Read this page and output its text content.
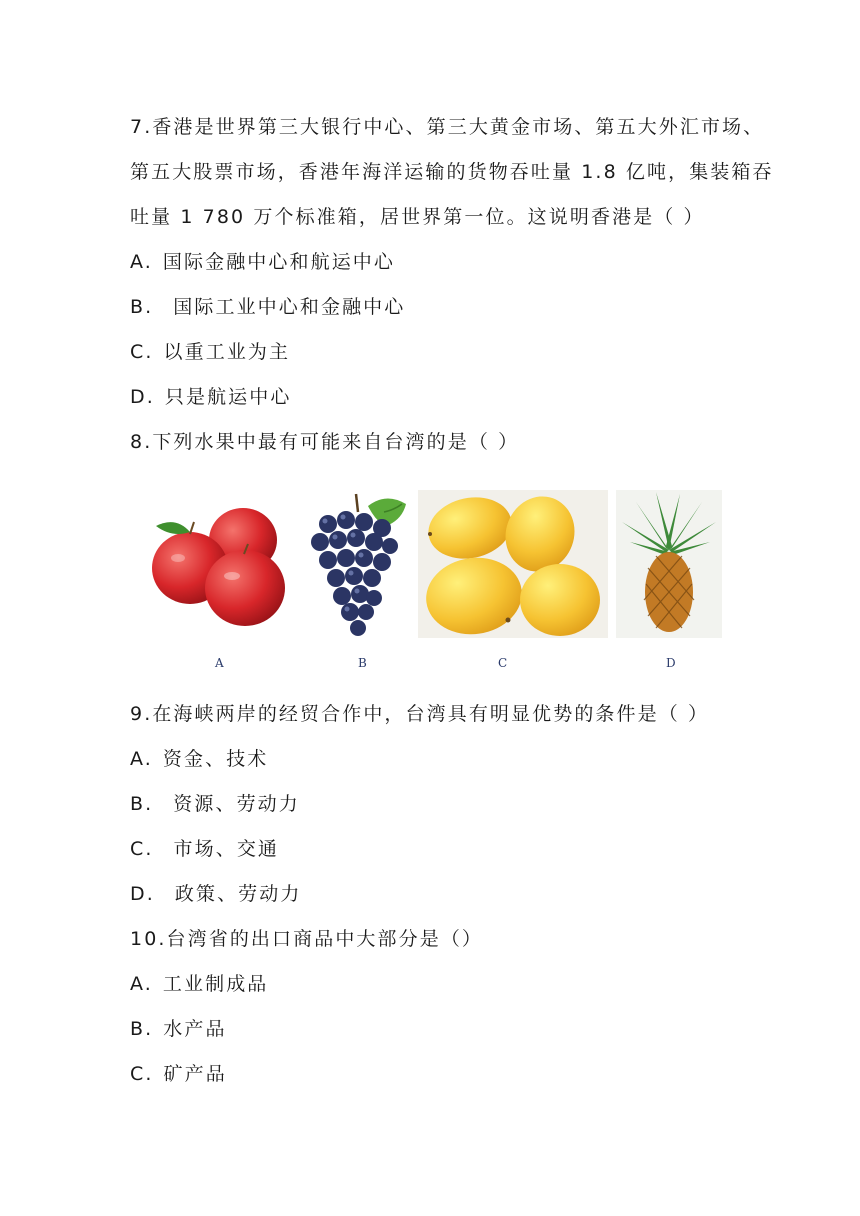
7.香港是世界第三大银行中心、第三大黄金市场、第五大外汇市场、
第五大股票市场，香港年海洋运输的货物吞吐量 1.8 亿吨，集装箱吞
吐量 1 780 万个标准箱，居世界第一位。这说明香港是（ ）
A. 国际金融中心和航运中心
B. 国际工业中心和金融中心
C. 以重工业为主
D. 只是航运中心
8.下列水果中最有可能来自台湾的是（ ）
A	B	C	D
9.在海峡两岸的经贸合作中，台湾具有明显优势的条件是（ ）
A. 资金、技术
B. 资源、劳动力
C. 市场、交通
D. 政策、劳动力
10.台湾省的出口商品中大部分是（）
A. 工业制成品
B. 水产品
C. 矿产品
